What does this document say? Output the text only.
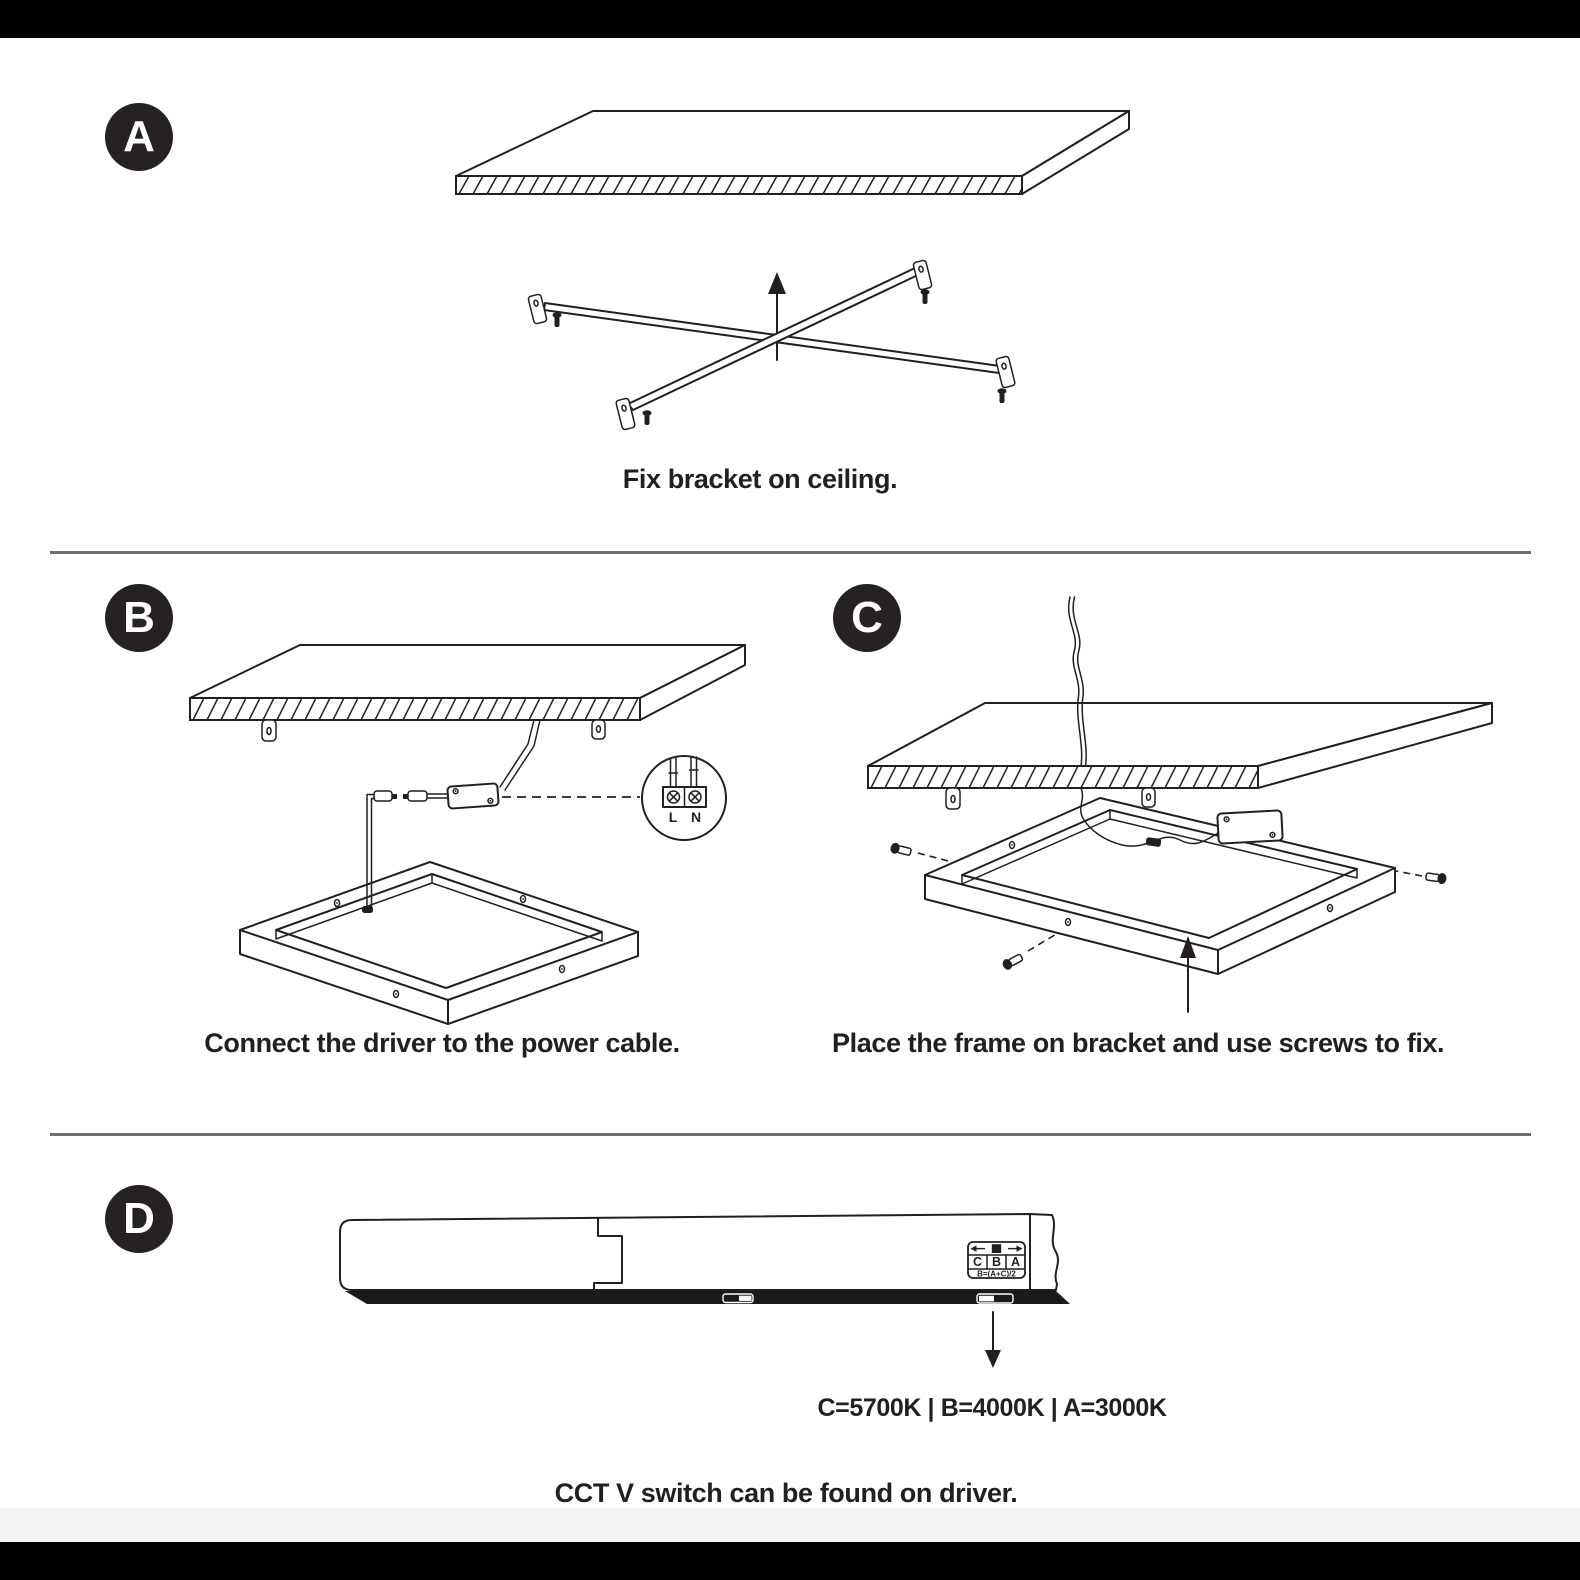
A
Fix bracket on ceiling.
B
L N
Connect the driver to the power cable.
C
Place the frame on bracket and use screws to fix.
D
C B A
B=(A+C)/2
C=5700K | B=4000K | A=3000K
CCT V switch can be found on driver.
